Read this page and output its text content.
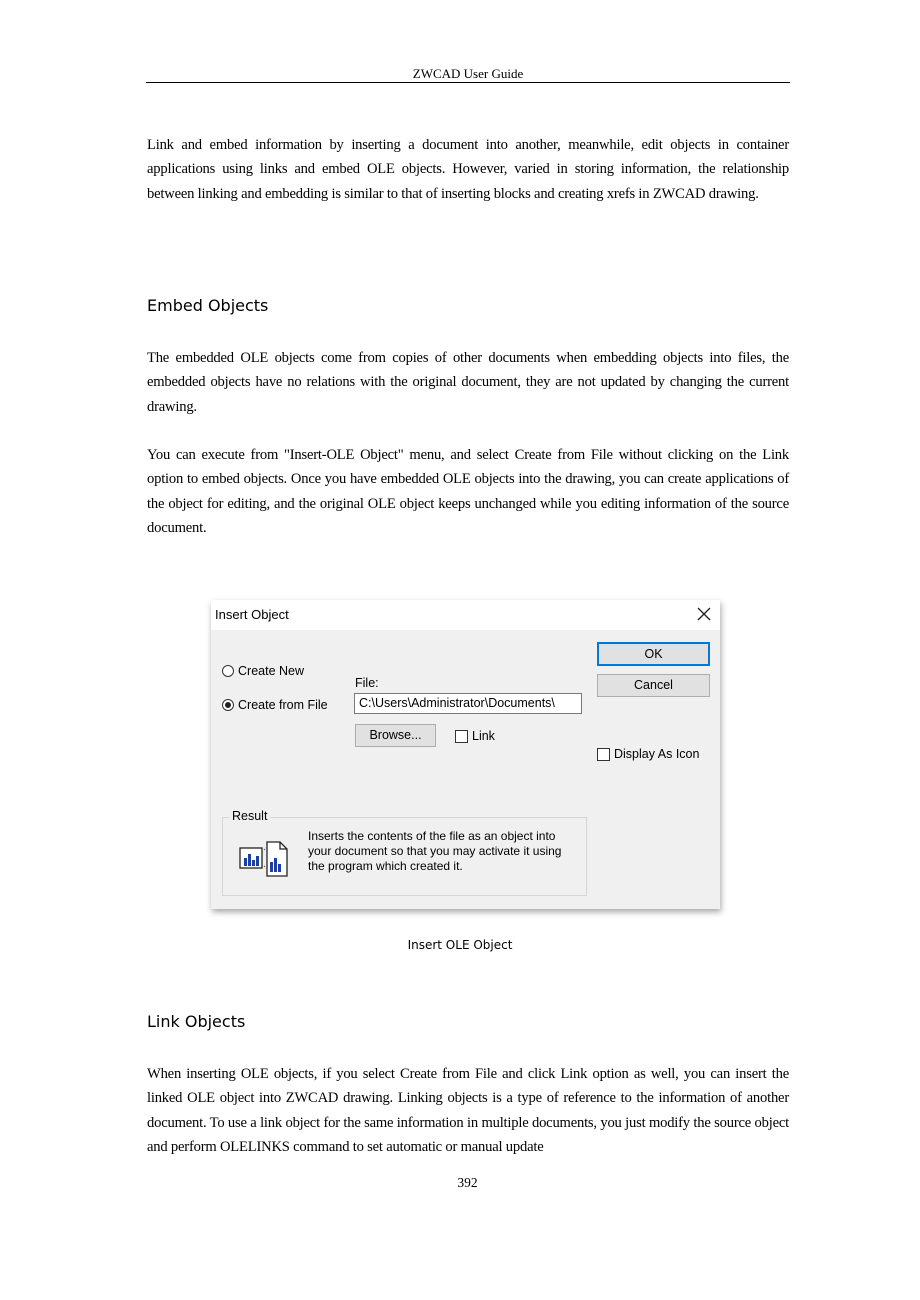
ZWCAD User Guide

Link and embed information by inserting a document into another, meanwhile, edit objects in container applications using links and embed OLE objects. However, varied in storing information, the relationship between linking and embedding is similar to that of inserting blocks and creating xrefs in ZWCAD drawing.

Embed Objects

The embedded OLE objects come from copies of other documents when embedding objects into files, the embedded objects have no relations with the original document, they are not updated by changing the current drawing.

You can execute from "Insert-OLE Object" menu, and select Create from File without clicking on the Link option to embed objects. Once you have embedded OLE objects into the drawing, you can create applications of the object for editing, and the original OLE object keeps unchanged while you editing information of the source document.

Insert Object
Create New
Create from File
File:
C:\Users\Administrator\Documents\
Browse...	Link
OK
Cancel
Display As Icon
Result
Inserts the contents of the file as an object into your document so that you may activate it using the program which created it.
Insert OLE Object
Link Objects

When inserting OLE objects, if you select Create from File and click Link option as well, you can insert the linked OLE object into ZWCAD drawing. Linking objects is a type of reference to the information of another document. To use a link object for the same information in multiple documents, you just modify the source object and perform OLELINKS command to set automatic or manual update

392
